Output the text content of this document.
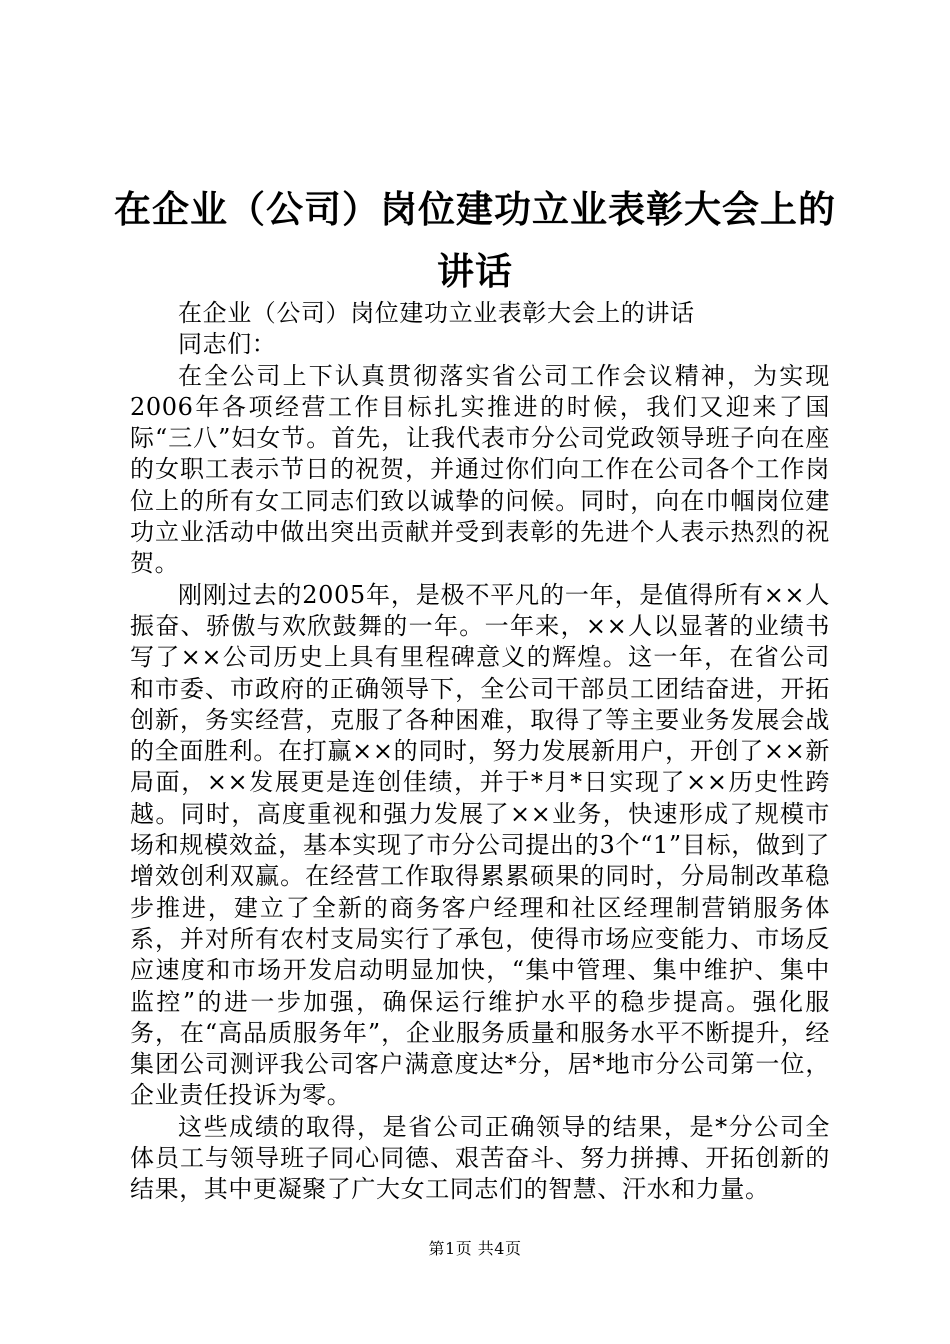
在企业（公司）岗位建功立业表彰大会上的讲话

在企业（公司）岗位建功立业表彰大会上的讲话

同志们：

在全公司上下认真贯彻落实省公司工作会议精神，为实现2006年各项经营工作目标扎实推进的时候，我们又迎来了国际“三八”妇女节。首先，让我代表市分公司党政领导班子向在座的女职工表示节日的祝贺，并通过你们向工作在公司各个工作岗位上的所有女工同志们致以诚挚的问候。同时，向在巾帼岗位建功立业活动中做出突出贡献并受到表彰的先进个人表示热烈的祝贺。

刚刚过去的2005年，是极不平凡的一年，是值得所有××人振奋、骄傲与欢欣鼓舞的一年。一年来，××人以显著的业绩书写了××公司历史上具有里程碑意义的辉煌。这一年，在省公司和市委、市政府的正确领导下，全公司干部员工团结奋进，开拓创新，务实经营，克服了各种困难，取得了等主要业务发展会战的全面胜利。在打赢××的同时，努力发展新用户，开创了××新局面，××发展更是连创佳绩，并于*月*日实现了××历史性跨越。同时，高度重视和强力发展了××业务，快速形成了规模市场和规模效益，基本实现了市分公司提出的3个“1”目标，做到了增效创利双赢。在经营工作取得累累硕果的同时，分局制改革稳步推进，建立了全新的商务客户经理和社区经理制营销服务体系，并对所有农村支局实行了承包，使得市场应变能力、市场反应速度和市场开发启动明显加快，“集中管理、集中维护、集中监控”的进一步加强，确保运行维护水平的稳步提高。强化服务，在“高品质服务年”，企业服务质量和服务水平不断提升，经集团公司测评我公司客户满意度达*分，居*地市分公司第一位，企业责任投诉为零。

这些成绩的取得，是省公司正确领导的结果，是*分公司全体员工与领导班子同心同德、艰苦奋斗、努力拼搏、开拓创新的结果，其中更凝聚了广大女工同志们的智慧、汗水和力量。

第1页 共4页
